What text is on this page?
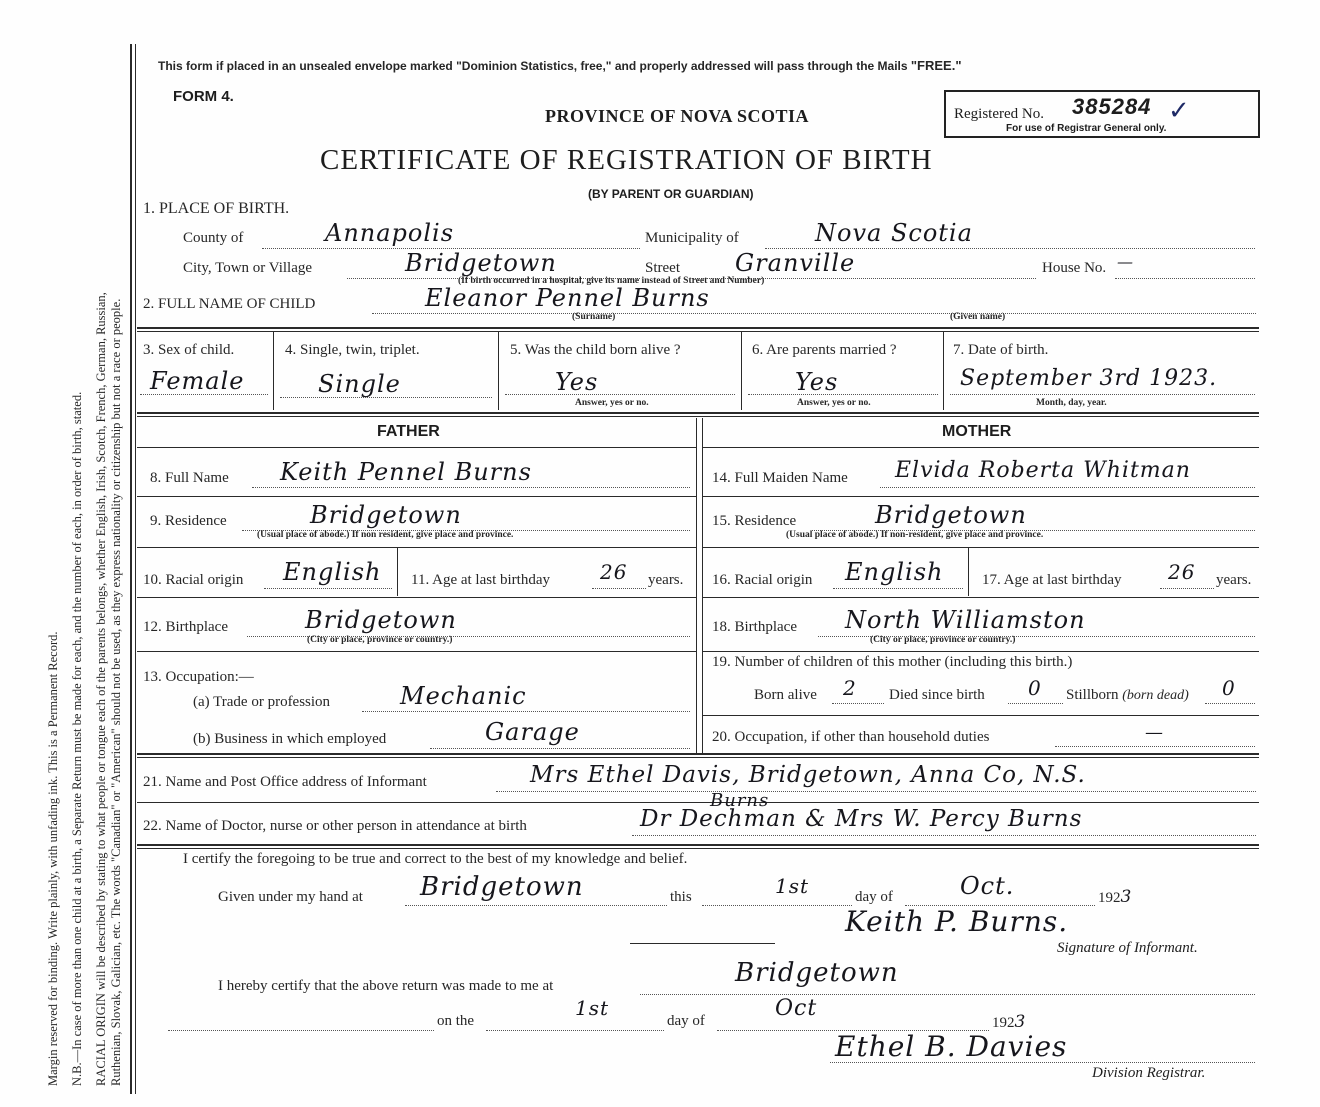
Margin reserved for binding. Write plainly, with unfading ink. This is a Permanent Record. N.B.—In case of more than one child at a birth, a Separate Return must be made for each, and the number of each, in order of birth, stated. RACIAL ORIGIN will be described by stating to what people or tongue each of the parents belongs, whether English, Irish, Scotch, French, German, Russian, Ruthenian, Slovak, Galician, etc. The words "Canadian" or "American" should not be used, as they express nationality or citizenship but not a race or people.
This form if placed in an unsealed envelope marked "Dominion Statistics, free," and properly addressed will pass through the Mails "FREE."
FORM 4.
PROVINCE OF NOVA SCOTIA	Registered No. 385284 ✓
For use of Registrar General only.
CERTIFICATE OF REGISTRATION OF BIRTH
(BY PARENT OR GUARDIAN)
1. PLACE OF BIRTH.
County of	Annapolis	Municipality of	Nova Scotia
City, Town or Village	Bridgetown	Street Granville
(If birth occurred in a hospital, give its name instead of Street and Number)
House No. —
2. FULL NAME OF CHILD	Eleanor Pennel Burns
(Surname)	(Given name)
3. Sex of child.
Female
4. Single, twin, triplet.
Single
5. Was the child born alive ?
Yes
Answer, yes or no.
6. Are parents married ?
Yes
Answer, yes or no.
7. Date of birth.
September 3rd 1923.
Month, day, year.
FATHER	MOTHER
8. Full Name Keith Pennel Burns
9. Residence	Bridgetown
(Usual place of abode.) If non resident, give place and province.
10. Racial origin English 11. Age at last birthday	26 years.
12. Birthplace	Bridgetown
(City or place, province or country.)
13. Occupation:—
(a) Trade or profession	Mechanic
(b) Business in which employed	Garage
14. Full Maiden Name Elvida Roberta Whitman
15. Residence	Bridgetown
(Usual place of abode.) If non-resident, give place and province.
16. Racial origin English	17. Age at last birthday 26 years.
18. Birthplace North Williamston
(City or place, province or country.)
19. Number of children of this mother (including this birth.)
Born alive 2 Died since birth 0 Stillborn (born dead) 0
20. Occupation, if other than household duties	—
21. Name and Post Office address of Informant	Mrs Ethel Davis, Bridgetown, Anna Co, N.S.
22. Name of Doctor, nurse or other person in attendance at birth
Burns
Dr Dechman & Mrs W. Percy Burns
I certify the foregoing to be true and correct to the best of my knowledge and belief.
Given under my hand at Bridgetown	this	1st	day of	Oct.	1923
Keith P. Burns.
Signature of Informant.
I hereby certify that the above return was made to me at	Bridgetown
on the
1st
day of	Oct
1923
Ethel B. Davies
Division Registrar.
